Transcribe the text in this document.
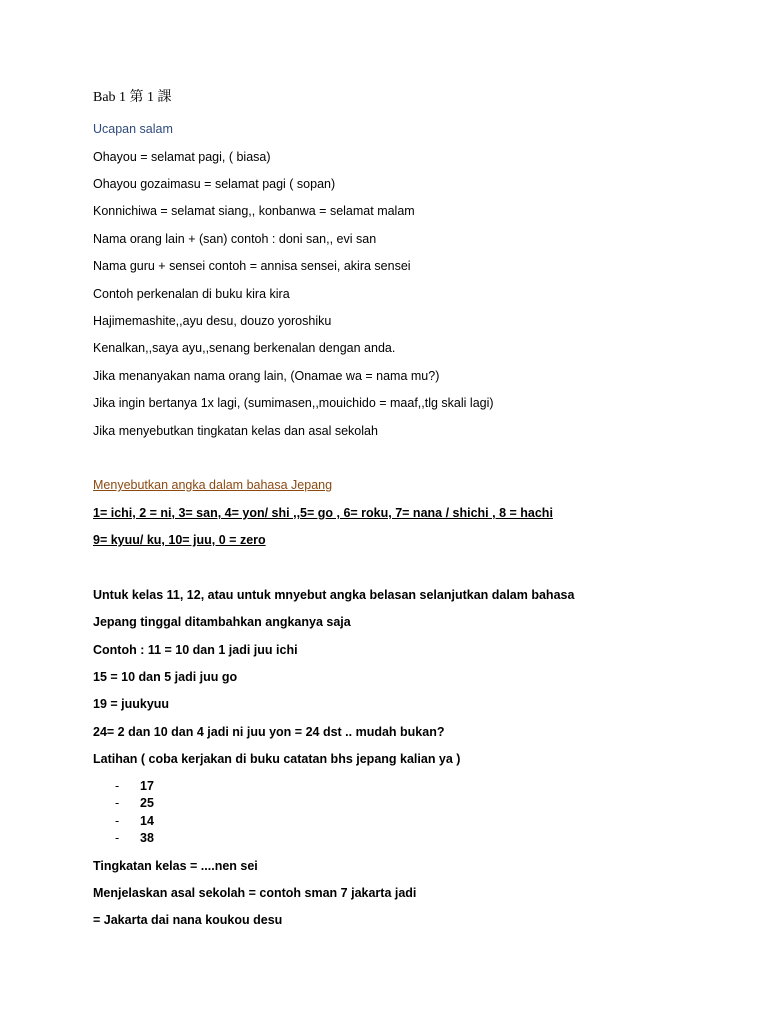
Bab 1 第 1 課
Ucapan salam
Ohayou = selamat pagi, ( biasa)
Ohayou gozaimasu = selamat pagi ( sopan)
Konnichiwa = selamat siang,, konbanwa = selamat malam
Nama orang lain + (san) contoh : doni san,, evi san
Nama guru + sensei contoh = annisa sensei, akira sensei
Contoh perkenalan di buku kira kira
Hajimemashite,,ayu desu, douzo yoroshiku
Kenalkan,,saya ayu,,senang berkenalan dengan anda.
Jika menanyakan nama orang lain, (Onamae wa = nama mu?)
Jika ingin bertanya 1x lagi, (sumimasen,,mouichido = maaf,,tlg skali lagi)
Jika menyebutkan tingkatan kelas dan asal sekolah
Menyebutkan angka dalam bahasa Jepang
1= ichi, 2 = ni, 3= san, 4= yon/ shi ,,5= go , 6= roku, 7= nana / shichi , 8 = hachi
9= kyuu/ ku, 10= juu, 0 = zero
Untuk kelas 11, 12, atau untuk mnyebut angka belasan selanjutkan dalam bahasa
Jepang tinggal ditambahkan angkanya saja
Contoh : 11 = 10 dan 1 jadi juu ichi
15 = 10 dan 5 jadi juu go
19 = juukyuu
24= 2 dan 10 dan 4 jadi ni juu yon = 24 dst .. mudah bukan?
Latihan ( coba kerjakan di buku catatan bhs jepang kalian ya )
- 17
- 25
- 14
- 38
Tingkatan kelas = ....nen sei
Menjelaskan asal sekolah = contoh sman 7 jakarta jadi
= Jakarta dai nana koukou desu
